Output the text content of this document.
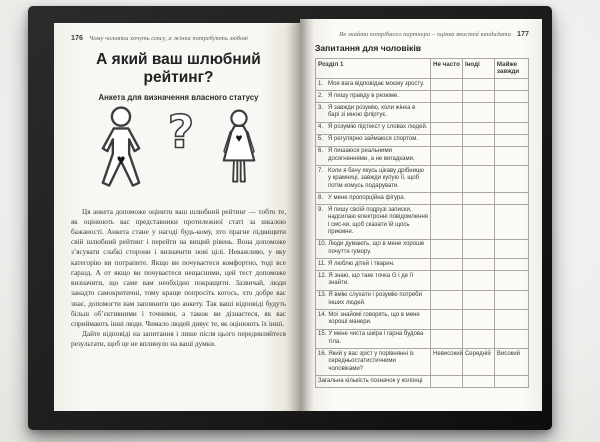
176 Чому чоловіки хочуть сексу, а жінки потребують любові
А який ваш шлюбний рейтинг?
Анкета для визначення власного статусу
♥
?	♥

Ця анкета допоможе оцінити ваш шлюбний рейтинг — тобто те, як оцінюють вас представники протилежної статі за шкалою бажаності. Анкета стане у нагоді будь-кому, хто прагне підвищити свій шлюбний рейтинг і перейти на вищий рівень. Вона допоможе з’ясувати слабкі сторони і визначити нові цілі. Неважливо, у яку категорію ви потрапите. Якщо ви почуваєтеся комфортно, тоді все гаразд. А от якщо ви почуваєтеся нещасними, цей тест допоможе визначити, що саме вам необхідно покращити. Зазвичай, люди занадто самокритичні, тому краще попросіть когось, хто добре вас знає, допомогти вам заповнити цю анкету. Так ваші відповіді будуть більш об’єктивними і точними, а також ви дізнаєтеся, як вас сприймають інші люди. Чимало людей дивує те, як оцінюють їх інші.

Дайте відповіді на запитання і лише після цього передивляйтеся результати, щоб це не вплинуло на ваші думки.

Як знайти потрібного партнера – оцінка якостей кандидата 177
Запитання для чоловіків
Розділ 1	Не часто	Іноді	Майже завжди

1. Моя вага відповідає моєму зросту.			

2. Я пишу правду в резюме.			

3. Я завжди розумію, коли жінка в барі зі мною фліртує.			

4. Я розумію підтекст у словах людей.			

5. Я регулярно займаюся спортом.			

6. Я пишаюся реальними досягненнями, а не вигадками.			

7. Коли я бачу якусь цікаву дрібницю у крамниці, завжди купую її, щоб потім комусь подарувати.			

8. У мене пропорційна фігура.			

9. Я пишу своїй подрузі записки, надсилаю електронні повідомлення і смс-ки, щоб сказати їй щось приємне.			

10. Люди думають, що в мене хороше почуття гумору.			

11. Я люблю дітей і тварин.			

12. Я знаю, що таке точка G і де її знайти.			

13. Я вмію слухати і розумію потреби інших людей.			

14. Мої знайомі говорять, що в мене хороші манери.			

15. У мене чиста шкіра і гарна будова тіла.			

16. Який у вас зріст у порівнянні із середньостатистичними чоловіками?	Невисокий	Середній	Високий
Загальна кількість позначок у колонці			
